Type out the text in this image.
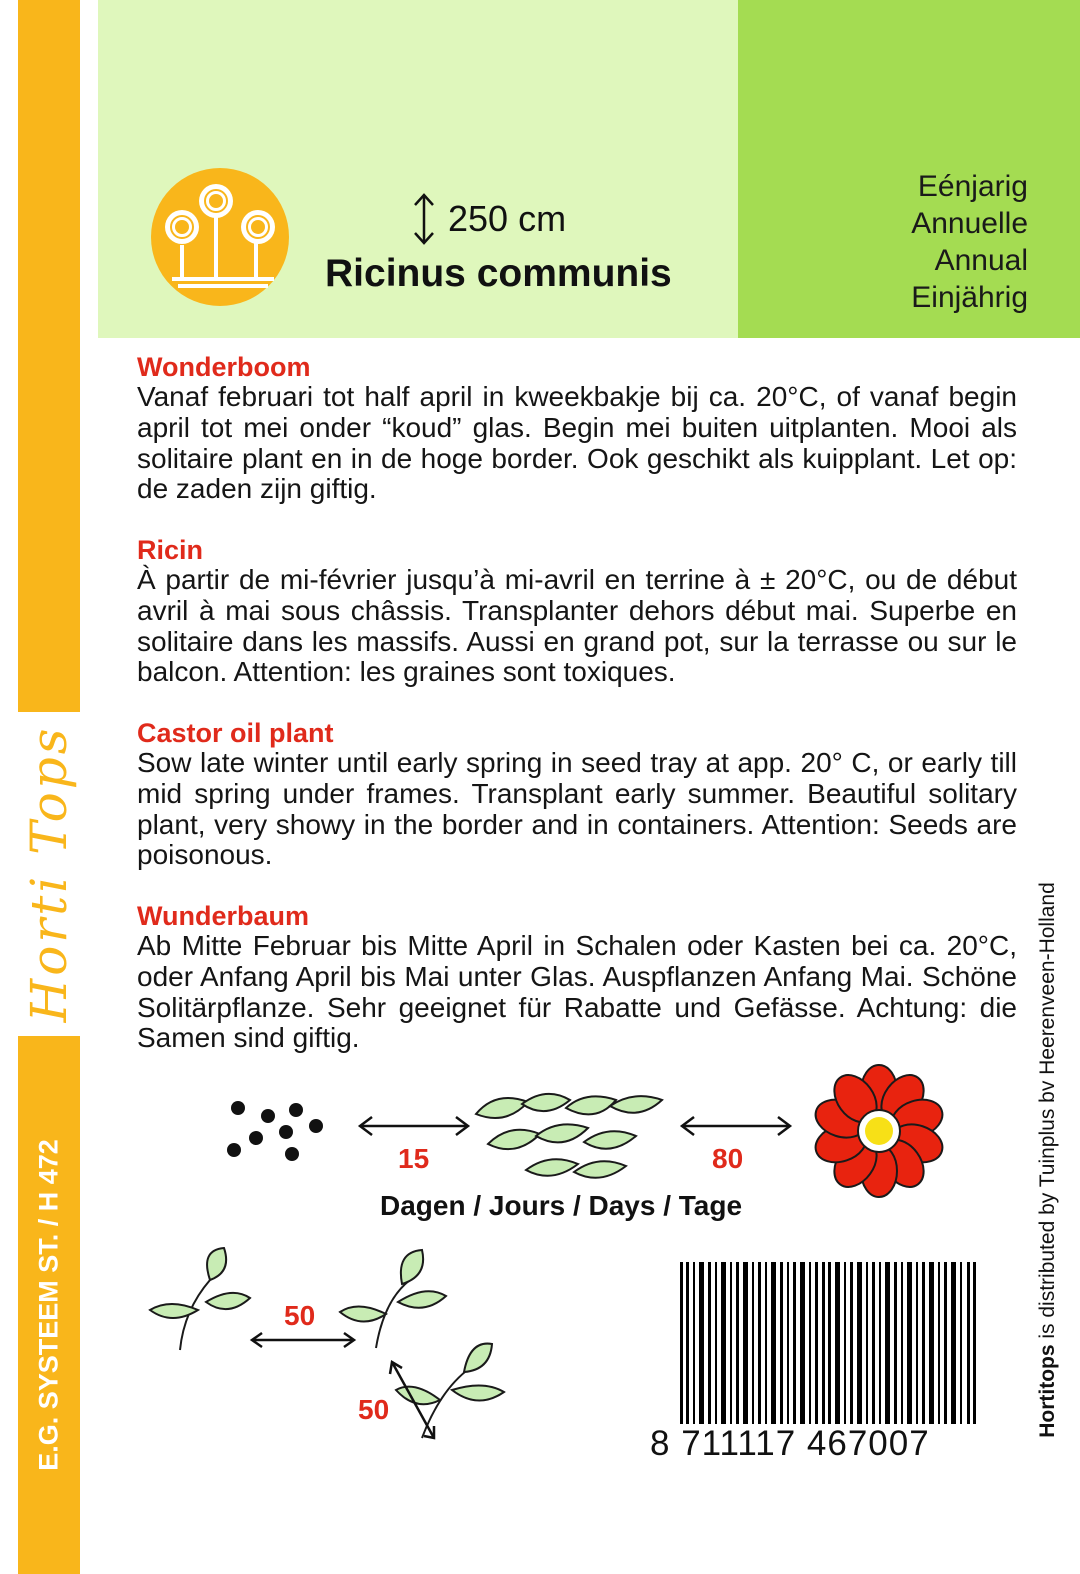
Horti Tops
E.G. SYSTEEM ST. / H 472
Eénjarig
Annuelle
Annual
Einjährig
250 cm
Ricinus communis
Wonderboom
Vanaf februari tot half april in kweekbakje bij ca. 20°C, of vanaf begin april tot mei onder “koud” glas. Begin mei buiten uitplanten. Mooi als solitaire plant en in de hoge border. Ook geschikt als kuipplant. Let op: de zaden zijn giftig.
Ricin
À partir de mi-février jusqu’à mi-avril en terrine à ± 20°C, ou de début avril à mai sous châssis. Transplanter dehors début mai. Superbe en solitaire dans les massifs. Aussi en grand pot, sur la terrasse ou sur le balcon. Attention: les graines sont toxiques.
Castor oil plant
Sow late winter until early spring in seed tray at app. 20° C, or early till mid spring under frames. Transplant early summer. Beautiful solitary plant, very showy in the border and in containers. Attention: Seeds are poisonous.
Wunderbaum
Ab Mitte Februar bis Mitte April in Schalen oder Kasten bei ca. 20°C, oder Anfang April bis Mai unter Glas. Auspflanzen Anfang Mai. Schöne Solitärpflanze. Sehr geeignet für Rabatte und Gefässe. Achtung: die Samen sind giftig.
15	80
Dagen / Jours / Days / Tage
50
50
8 711117 467007
Hortitops is distributed by Tuinplus bv Heerenveen-Holland
